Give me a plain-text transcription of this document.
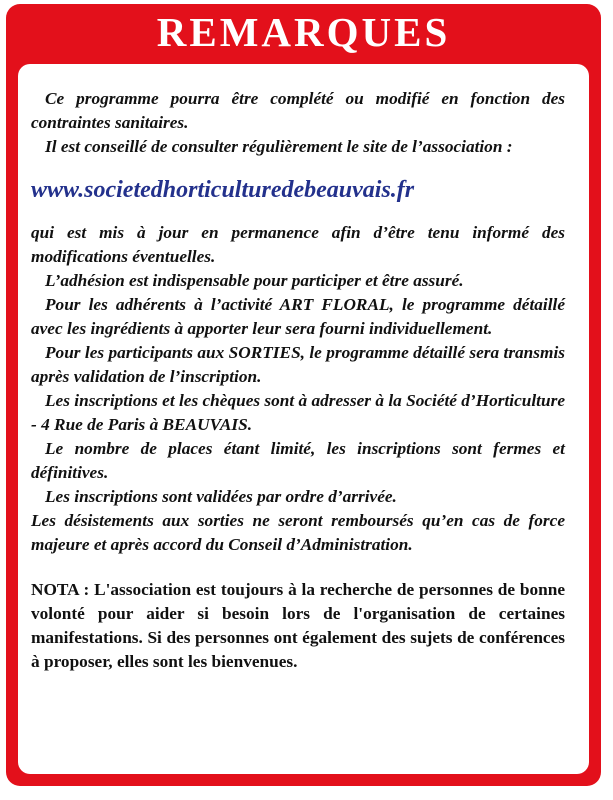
REMARQUES

Ce programme pourra être complété ou modifié en fonction des contraintes sanitaires.

Il est conseillé de consulter régulièrement le site de l’association :

www.societedhorticulturedebeauvais.fr

qui est mis à jour en permanence afin d’être tenu informé des modifications éventuelles.

L’adhésion est indispensable pour participer et être assuré.

Pour les adhérents à l’activité ART FLORAL, le programme détaillé avec les ingrédients à apporter leur sera fourni individuellement.

Pour les participants aux SORTIES, le programme détaillé sera transmis après validation de l’inscription.

Les inscriptions et les chèques sont à adresser à la Société d’Horticulture - 4 Rue de Paris à BEAUVAIS.

Le nombre de places étant limité, les inscriptions sont fermes et définitives.

Les inscriptions sont validées par ordre d’arrivée.

Les désistements aux sorties ne seront remboursés qu’en cas de force majeure et après accord du Conseil d’Administration.

NOTA : L'association est toujours à la recherche de personnes de bonne volonté pour aider si besoin lors de l'organisation de certaines manifestations. Si des personnes ont également des sujets de conférences à proposer, elles sont les bienvenues.
